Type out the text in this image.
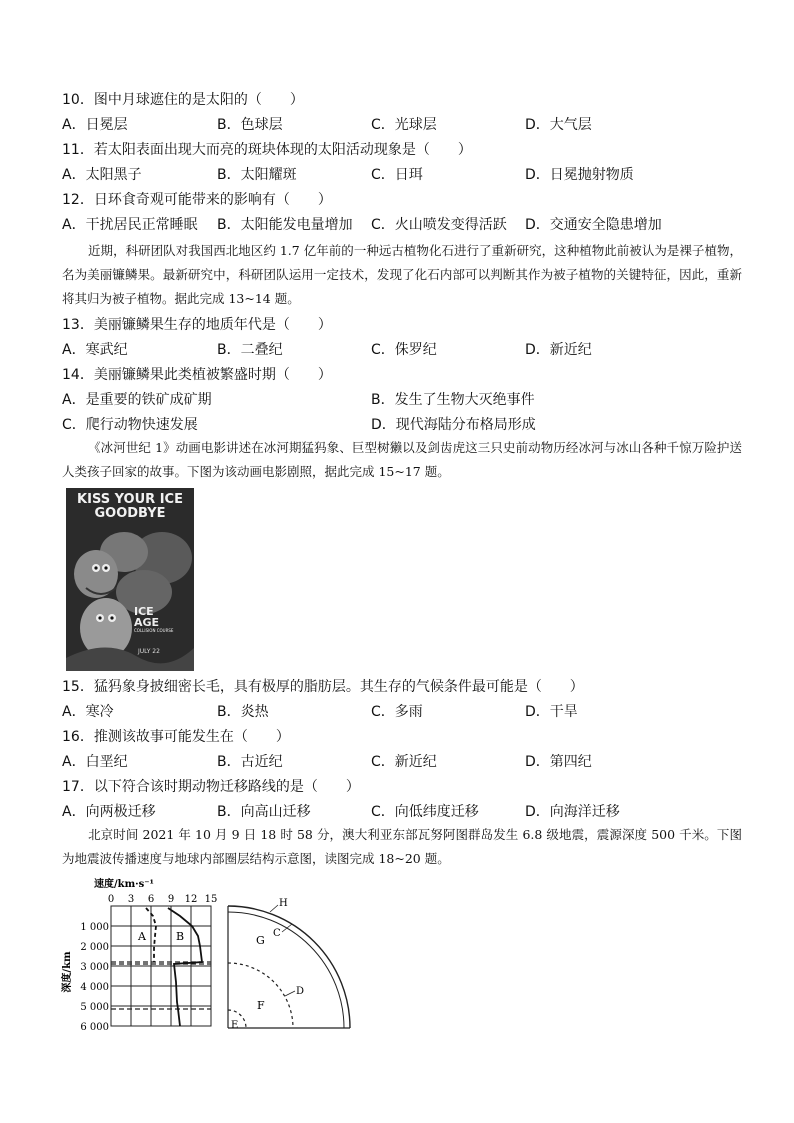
10．图中月球遮住的是太阳的（　　）
A．日冕层	B．色球层	C．光球层	D．大气层
11．若太阳表面出现大而亮的斑块体现的太阳活动现象是（　　）
A．太阳黑子	B．太阳耀斑	C．日珥	D．日冕抛射物质
12．日环食奇观可能带来的影响有（　　）
A．干扰居民正常睡眠 B．太阳能发电量增加 C．火山喷发变得活跃 D．交通安全隐患增加
近期，科研团队对我国西北地区约 1.7 亿年前的一种远古植物化石进行了重新研究，这种植物此前被认为是裸子植物，名为美丽镰鳞果。最新研究中，科研团队运用一定技术，发现了化石内部可以判断其作为被子植物的关键特征，因此，重新将其归为被子植物。据此完成 13~14 题。
13．美丽镰鳞果生存的地质年代是（　　）
A．寒武纪	B．二叠纪	C．侏罗纪	D．新近纪
14．美丽镰鳞果此类植被繁盛时期（　　）
A．是重要的铁矿成矿期	B．发生了生物大灭绝事件
C．爬行动物快速发展	D．现代海陆分布格局形成
《冰河世纪 1》动画电影讲述在冰河期猛犸象、巨型树獭以及剑齿虎这三只史前动物历经冰河与冰山各种千惊万险护送人类孩子回家的故事。下图为该动画电影剧照，据此完成 15~17 题。
KISS YOUR ICE
GOODBYE
ICE
AGE
COLLISION COURSE
JULY 22
15．猛犸象身披细密长毛，具有极厚的脂肪层。其生存的气候条件最可能是（　　）
A．寒冷	B．炎热	C．多雨	D．干旱
16．推测该故事可能发生在（　　）
A．白垩纪	B．古近纪	C．新近纪	D．第四纪
17．以下符合该时期动物迁移路线的是（　　）
A．向两极迁移	B．向高山迁移	C．向低纬度迁移	D．向海洋迁移
北京时间 2021 年 10 月 9 日 18 时 58 分，澳大利亚东部瓦努阿图群岛发生 6.8 级地震，震源深度 500 千米。下图为地震波传播速度与地球内部圈层结构示意图，读图完成 18~20 题。
速度/km·s⁻¹
0 3 6 9 12 15
A	B
1 000
2 000
3 000
4 000
5 000
6 000
深度/km
H
C
G
D
F
E
